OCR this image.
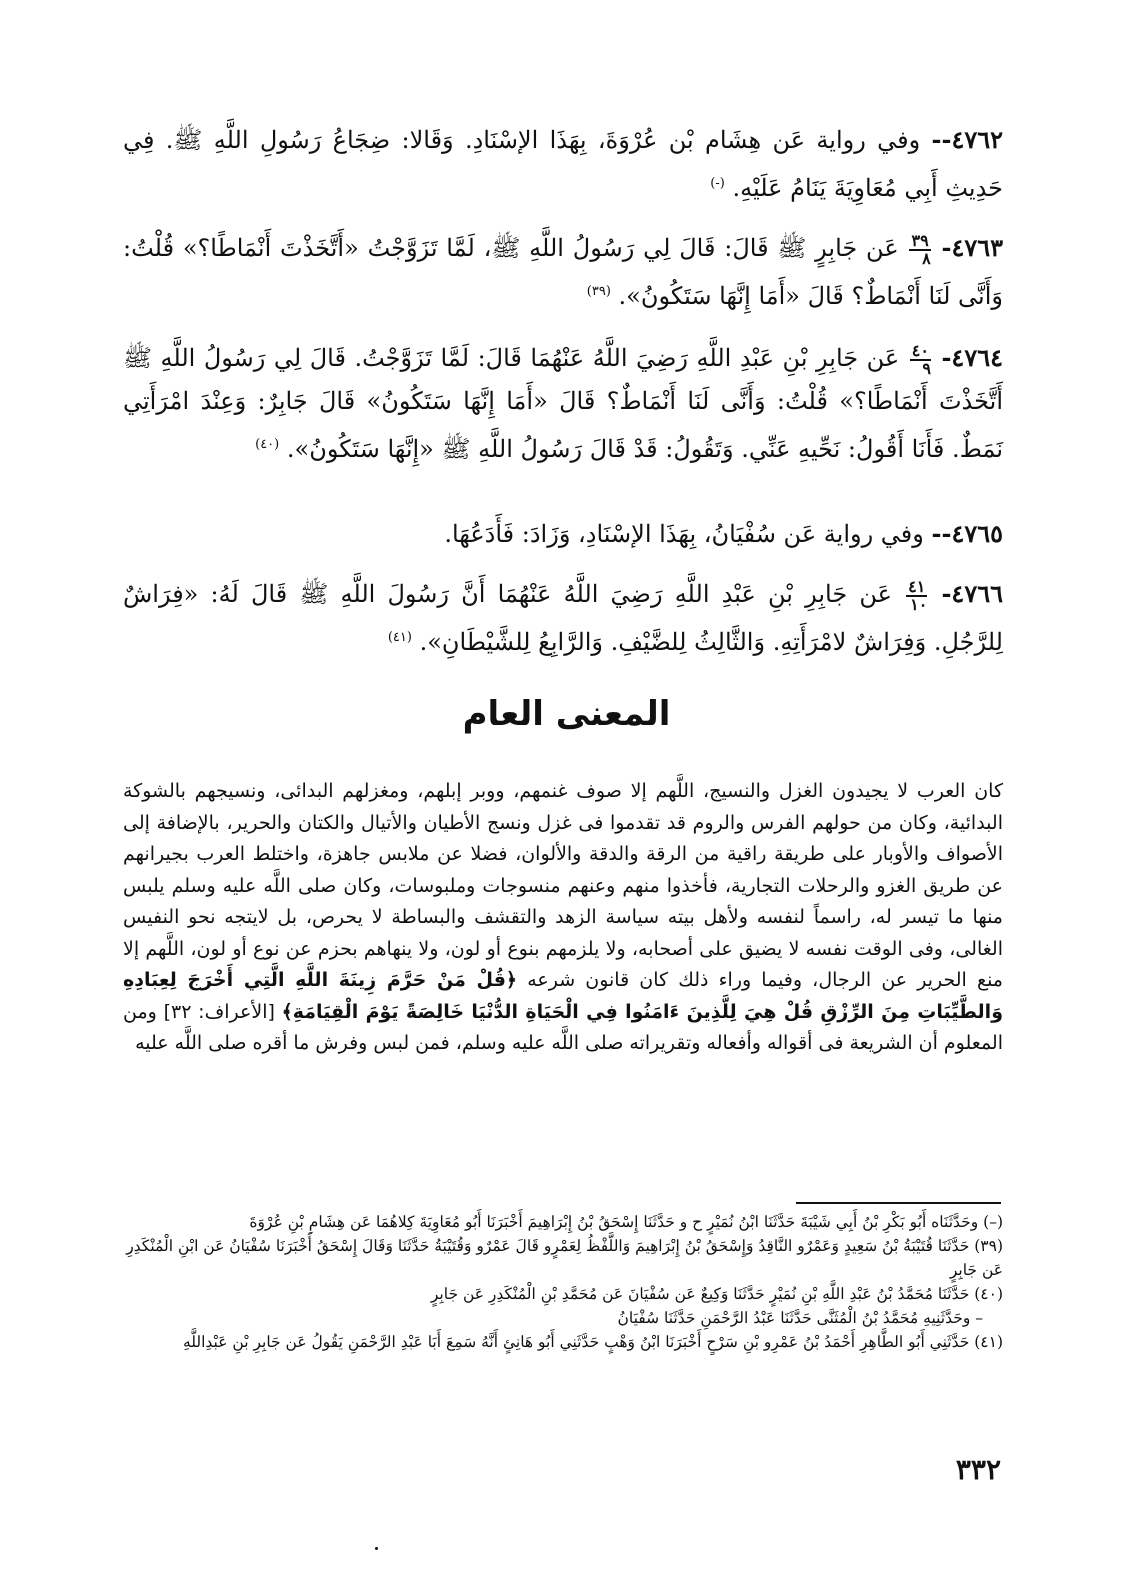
٤٧٦٢-- وفي رواية عَن هِشَام بْن عُرْوَةَ، بِهَذَا الإسْنَادِ. وَقَالا: ضِجَاعُ رَسُولِ اللَّهِ ﷺ. فِي حَدِيثِ أَبِي مُعَاوِيَةَ يَنَامُ عَلَيْهِ. (-)

٤٧٦٣-
$\frac{٣٩}{٨}$
عَن جَابِرٍ ﷺ قَالَ: قَالَ لِي رَسُولُ اللَّهِ ﷺ، لَمَّا تَزَوَّجْتُ «أَتَّخَذْتَ أَنْمَاطًا؟» قُلْتُ: وَأَنَّى لَنَا أَنْمَاطٌ؟ قَالَ «أَمَا إِنَّهَا سَتَكُونُ». $^{(٣٩)}$

٤٧٦٤-
$\frac{٤٠}{٩}$
عَن جَابِرِ بْنِ عَبْدِ اللَّهِ رَضِيَ اللَّهُ عَنْهُمَا قَالَ: لَمَّا تَزَوَّجْتُ. قَالَ لِي رَسُولُ اللَّهِ ﷺ أَتَّخَذْتَ أَنْمَاطًا؟» قُلْتُ: وَأَنَّى لَنَا أَنْمَاطٌ؟ قَالَ «أَمَا إِنَّهَا سَتَكُونُ» قَالَ جَابِرٌ: وَعِنْدَ امْرَأَتِي نَمَطٌ. فَأَنَا أَقُولُ: نَحِّيهِ عَنِّي. وَتَقُولُ: قَدْ قَالَ رَسُولُ اللَّهِ ﷺ «إِنَّهَا سَتَكُونُ». $^{(٤٠)}$

٤٧٦٥-- وفي رواية عَن سُفْيَانُ، بِهَذَا الإسْنَادِ، وَزَادَ: فَأَدَعُهَا.

٤٧٦٦-
$\frac{٤١}{١٠}$
عَن جَابِرِ بْنِ عَبْدِ اللَّهِ رَضِيَ اللَّهُ عَنْهُمَا أَنَّ رَسُولَ اللَّهِ ﷺ قَالَ لَهُ: «فِرَاشٌ لِلرَّجُلِ. وَفِرَاشٌ لامْرَأَتِهِ. وَالثَّالِثُ لِلضَّيْفِ. وَالرَّابِعُ لِلشَّيْطَانِ». $^{(٤١)}$

المعنى العام

كان العرب لا يجيدون الغزل والنسيج، اللَّهم إلا صوف غنمهم، ووبر إبلهم، ومغزلهم البدائى، ونسيجهم بالشوكة البدائية، وكان من حولهم الفرس والروم قد تقدموا فى غزل ونسج الأطيان والأتيال والكتان والحرير، بالإضافة إلى الأصواف والأوبار على طريقة راقية من الرقة والدقة والألوان، فضلا عن ملابس جاهزة، واختلط العرب بجيرانهم عن طريق الغزو والرحلات التجارية، فأخذوا منهم وعنهم منسوجات وملبوسات، وكان صلى اللَّه عليه وسلم يلبس منها ما تيسر له، راسماً لنفسه ولأهل بيته سياسة الزهد والتقشف والبساطة لا يحرص، بل لايتجه نحو النفيس الغالى، وفى الوقت نفسه لا يضيق على أصحابه، ولا يلزمهم بنوع أو لون، ولا ينهاهم بحزم عن نوع أو لون، اللَّهم إلا منع الحرير عن الرجال، وفيما وراء ذلك كان قانون شرعه ﴿قُلْ مَنْ حَرَّمَ زِينَةَ اللَّهِ الَّتِي أَخْرَجَ لِعِبَادِهِ وَالطَّيِّبَاتِ مِنَ الرِّزْقِ قُلْ هِيَ لِلَّذِينَ ءَامَنُوا فِي الْحَيَاةِ الدُّنْيَا خَالِصَةً يَوْمَ الْقِيَامَةِ﴾ [الأعراف: ٣٢] ومن المعلوم أن الشريعة فى أقواله وأفعاله وتقريراته صلى اللَّه عليه وسلم، فمن لبس وفرش ما أقره صلى اللَّه عليه

(–) وحَدَّثَنَاه أَبُو بَكْرِ بْنُ أَبِي شَيْبَةَ حَدَّثَنَا ابْنُ نُمَيْرٍ ح و حَدَّثَنَا إِسْحَقُ بْنُ إِبْرَاهِيمَ أَخْبَرَنَا أَبُو مُعَاوِيَةَ كِلاهُمَا عَن هِشَامِ بْنِ عُرْوَةَ

(٣٩) حَدَّثَنَا قُتَيْبَةُ بْنُ سَعِيدٍ وَعَمْرٌو النَّاقِدُ وَإِسْحَقُ بْنُ إِبْرَاهِيمَ وَاللَّفْظُ لِعَمْرٍو قَالَ عَمْرٌو وَقُتَيْبَةُ حَدَّثَنَا وَقَالَ إِسْحَقُ أَخْبَرَنَا سُفْيَانُ عَن ابْنِ الْمُنْكَدِرِ عَن جَابِرٍ

(٤٠) حَدَّثَنَا مُحَمَّدُ بْنُ عَبْدِ اللَّهِ بْنِ نُمَيْرٍ حَدَّثَنَا وَكِيعٌ عَن سُفْيَانَ عَن مُحَمَّدِ بْنِ الْمُنْكَدِرِ عَن جَابِرٍ

– وحَدَّثَنِيهِ مُحَمَّدُ بْنُ الْمُثَنَّى حَدَّثَنَا عَبْدُ الرَّحْمَنِ حَدَّثَنَا سُفْيَانُ

(٤١) حَدَّثَنِي أَبُو الطَّاهِرِ أَحْمَدُ بْنُ عَمْرِو بْنِ سَرْحٍ أَخْبَرَنَا ابْنُ وَهْبٍ حَدَّثَنِي أَبُو هَانِئٍ أَنَّهُ سَمِعَ أَبَا عَبْدِ الرَّحْمَنِ يَقُولُ عَن جَابِرِ بْنِ عَبْدِاللَّهِ

٣٣٢
